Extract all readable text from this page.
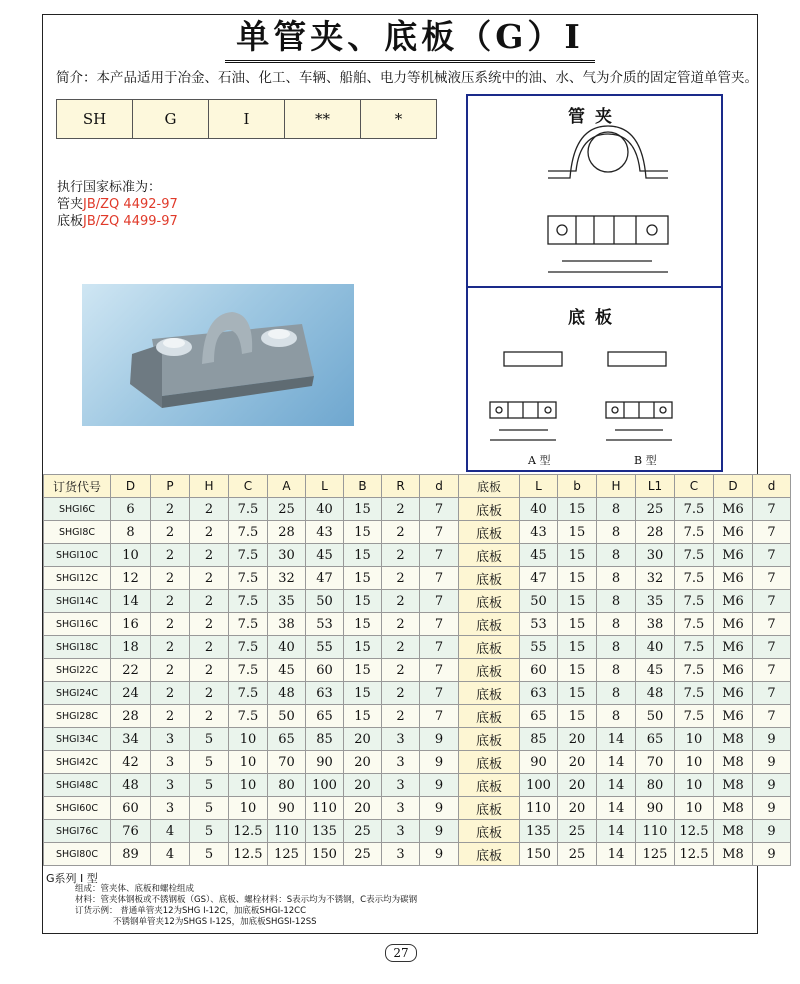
单管夹、底板（G）I
简介：本产品适用于冶金、石油、化工、车辆、船舶、电力等机械液压系统中的油、水、气为介质的固定管道单管夹。
SH	G	I	**	*
执行国家标准为：
管夹JB/ZQ 4492-97
底板JB/ZQ 4499-97
管夹
底板
A 型	B 型
订货代号	D	P	H	C	A	L	B	R	d	底板	L	b	H	L1	C	D	d
SHGI6C	6	2	2	7.5	25	40	15	2	7	底板	40	15	8	25	7.5	M6	7
SHGI8C	8	2	2	7.5	28	43	15	2	7	底板	43	15	8	28	7.5	M6	7
SHGI10C	10	2	2	7.5	30	45	15	2	7	底板	45	15	8	30	7.5	M6	7
SHGI12C	12	2	2	7.5	32	47	15	2	7	底板	47	15	8	32	7.5	M6	7
SHGI14C	14	2	2	7.5	35	50	15	2	7	底板	50	15	8	35	7.5	M6	7
SHGI16C	16	2	2	7.5	38	53	15	2	7	底板	53	15	8	38	7.5	M6	7
SHGI18C	18	2	2	7.5	40	55	15	2	7	底板	55	15	8	40	7.5	M6	7
SHGI22C	22	2	2	7.5	45	60	15	2	7	底板	60	15	8	45	7.5	M6	7
SHGI24C	24	2	2	7.5	48	63	15	2	7	底板	63	15	8	48	7.5	M6	7
SHGI28C	28	2	2	7.5	50	65	15	2	7	底板	65	15	8	50	7.5	M6	7
SHGI34C	34	3	5	10	65	85	20	3	9	底板	85	20	14	65	10	M8	9
SHGI42C	42	3	5	10	70	90	20	3	9	底板	90	20	14	70	10	M8	9
SHGI48C	48	3	5	10	80	100	20	3	9	底板	100	20	14	80	10	M8	9
SHGI60C	60	3	5	10	90	110	20	3	9	底板	110	20	14	90	10	M8	9
SHGI76C	76	4	5	12.5	110	135	25	3	9	底板	135	25	14	110	12.5	M8	9
SHGI80C	89	4	5	12.5	125	150	25	3	9	底板	150	25	14	125	12.5	M8	9
G系列 I 型
组成：管夹体、底板和螺栓组成
材料：管夹体钢板或不锈钢板（GS）、底板、螺栓材料：S表示均为不锈钢，C表示均为碳钢
订货示例： 普通单管夹12为SHG I-12C，加底板SHGI-12CC
不锈钢单管夹12为SHGS I-12S，加底板SHGSI-12SS
27
